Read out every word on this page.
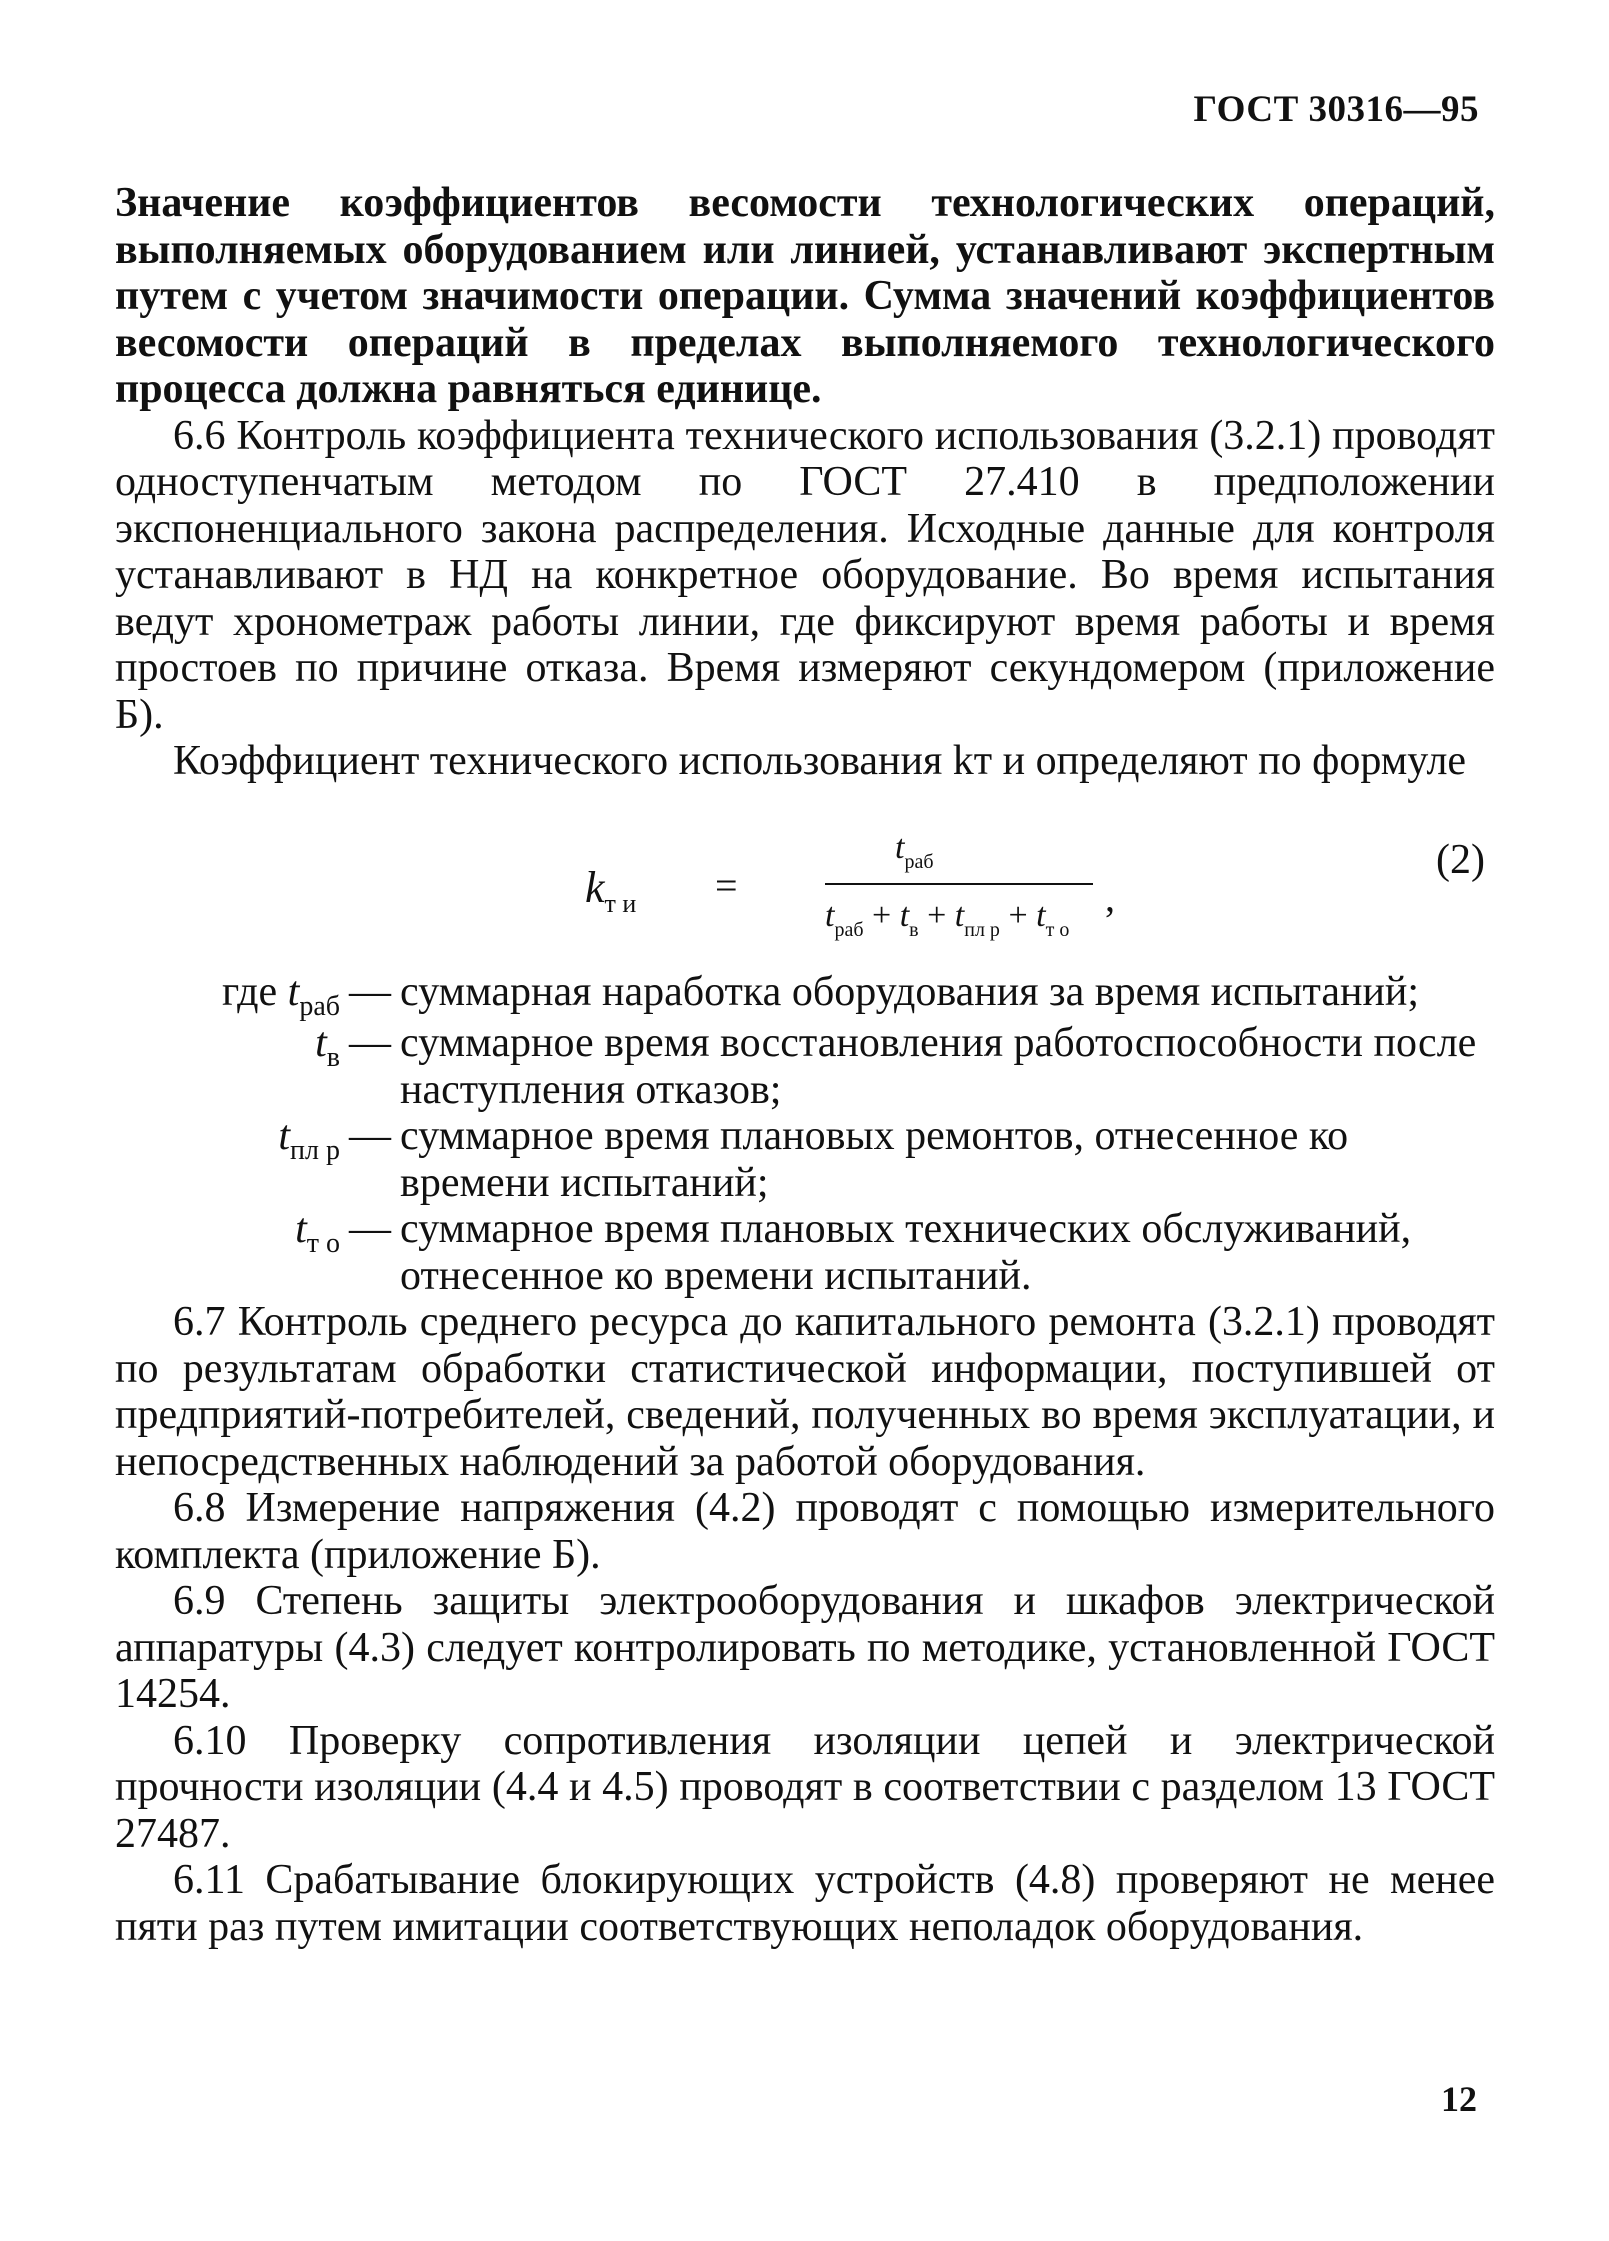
ГОСТ 30316—95

Значение коэффициентов весомости технологических операций, выполняемых оборудованием или линией, устанавливают экспертным путем с учетом значимости операции. Сумма значений коэффициентов весомости операций в пределах выполняемого технологического процесса должна равняться единице.

6.6 Контроль коэффициента технического использования (3.2.1) проводят одноступенчатым методом по ГОСТ 27.410 в предположении экспоненциального закона распределения. Исходные данные для контроля устанавливают в НД на конкретное оборудование. Во время испытания ведут хронометраж работы линии, где фиксируют время работы и время простоев по причине отказа. Время измеряют секундомером (приложение Б).

Коэффициент технического использования kт и определяют по формуле

$k_{т и}$ =
$t_{раб}$
$t_{раб} + t_в + t_{пл р} + t_{т о}$
,
(2)
где $t_{раб}$ — суммарная наработка оборудования за время испытаний;
$t_в$ — суммарное время восстановления работоспособности после наступления отказов;
$t_{пл р}$ — суммарное время плановых ремонтов, отнесенное ко времени испытаний;
$t_{т о}$ — суммарное время плановых технических обслуживаний, отнесенное ко времени испытаний.

6.7 Контроль среднего ресурса до капитального ремонта (3.2.1) проводят по результатам обработки статистической информации, поступившей от предприятий-потребителей, сведений, полученных во время эксплуатации, и непосредственных наблюдений за работой оборудования.

6.8 Измерение напряжения (4.2) проводят с помощью измерительного комплекта (приложение Б).

6.9 Степень защиты электрооборудования и шкафов электрической аппаратуры (4.3) следует контролировать по методике, установленной ГОСТ 14254.

6.10 Проверку сопротивления изоляции цепей и электрической прочности изоляции (4.4 и 4.5) проводят в соответствии с разделом 13 ГОСТ 27487.

6.11 Срабатывание блокирующих устройств (4.8) проверяют не менее пяти раз путем имитации соответствующих неполадок оборудования.

12
